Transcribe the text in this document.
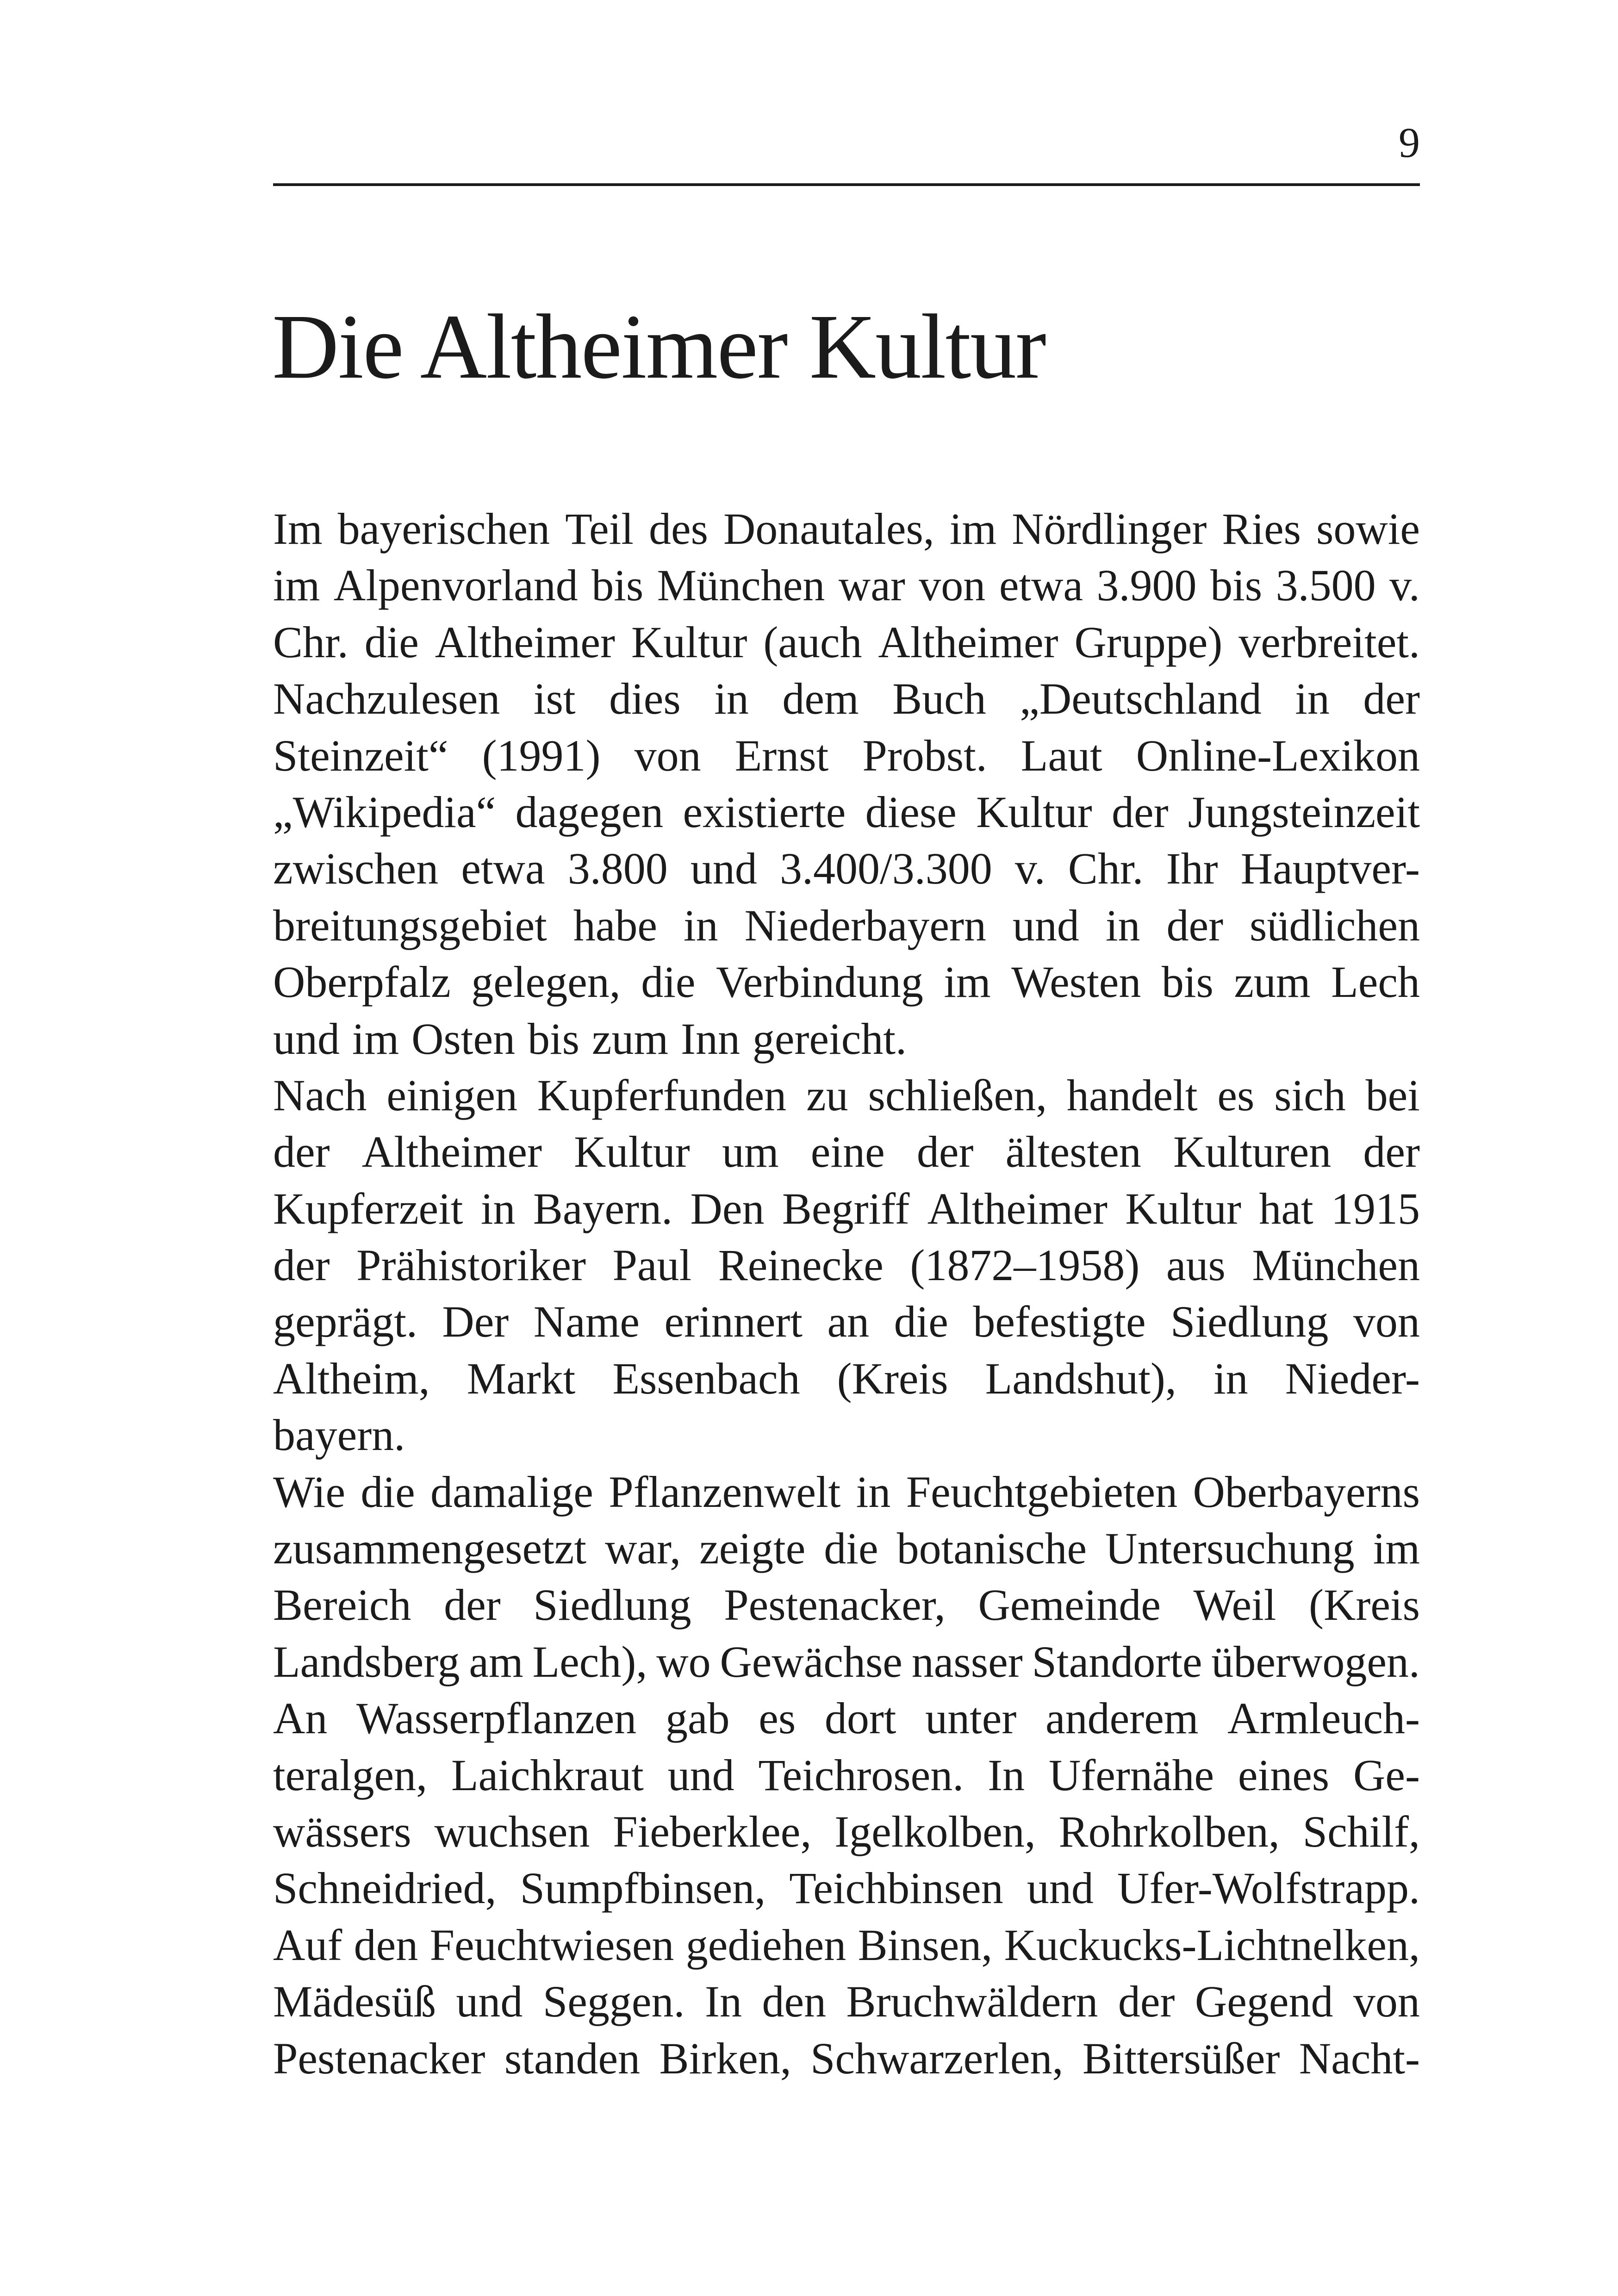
9
Die Altheimer Kultur
Im bayerischen Teil des Donautales, im Nördlinger Ries sowie
im Alpenvorland bis München war von etwa 3.900 bis 3.500 v.
Chr. die Altheimer Kultur (auch Altheimer Gruppe) verbreitet.
Nachzulesen ist dies in dem Buch „Deutschland in der
Steinzeit“ (1991) von Ernst Probst. Laut Online-Lexikon
„Wikipedia“ dagegen existierte diese Kultur der Jungsteinzeit
zwischen etwa 3.800 und 3.400/3.300 v. Chr. Ihr Hauptver-
breitungsgebiet habe in Niederbayern und in der südlichen
Oberpfalz gelegen, die Verbindung im Westen bis zum Lech
und im Osten bis zum Inn gereicht.
Nach einigen Kupferfunden zu schließen, handelt es sich bei
der Altheimer Kultur um eine der ältesten Kulturen der
Kupferzeit in Bayern. Den Begriff Altheimer Kultur hat 1915
der Prähistoriker Paul Reinecke (1872–1958) aus München
geprägt. Der Name erinnert an die befestigte Siedlung von
Altheim, Markt Essenbach (Kreis Landshut), in Nieder-
bayern.
Wie die damalige Pflanzenwelt in Feuchtgebieten Oberbayerns
zusammengesetzt war, zeigte die botanische Untersuchung im
Bereich der Siedlung Pestenacker, Gemeinde Weil (Kreis
Landsberg am Lech), wo Gewächse nasser Standorte überwogen.
An Wasserpflanzen gab es dort unter anderem Armleuch-
teralgen, Laichkraut und Teichrosen. In Ufernähe eines Ge-
wässers wuchsen Fieberklee, Igelkolben, Rohrkolben, Schilf,
Schneidried, Sumpfbinsen, Teichbinsen und Ufer-Wolfstrapp.
Auf den Feuchtwiesen gediehen Binsen, Kuckucks-Lichtnelken,
Mädesüß und Seggen. In den Bruchwäldern der Gegend von
Pestenacker standen Birken, Schwarzerlen, Bittersüßer Nacht-
